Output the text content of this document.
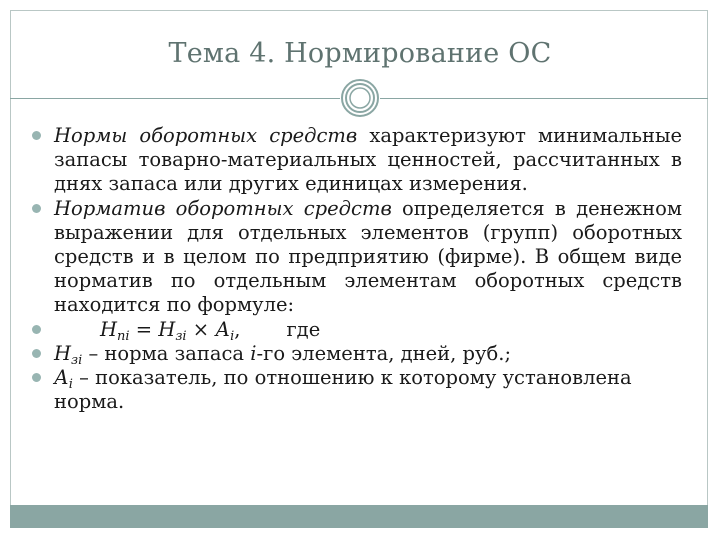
Тема 4. Нормирование ОС
Нормы оборотных средств характеризуют минимальные запасы товарно-материальных ценностей, рассчитанных в днях запаса или других единицах измерения.
Норматив оборотных средств определяется в денежном выражении для отдельных элементов (групп) оборотных средств и в целом по предприятию (фирме). В общем виде норматив по отдельным элементам оборотных средств находится по формуле:
$Н_{ni} = Н_{зi} \times А_i$, где
$Н_{зi}$ – норма запаса i-го элемента, дней, руб.;
$А_i$ – показатель, по отношению к которому установлена норма.
